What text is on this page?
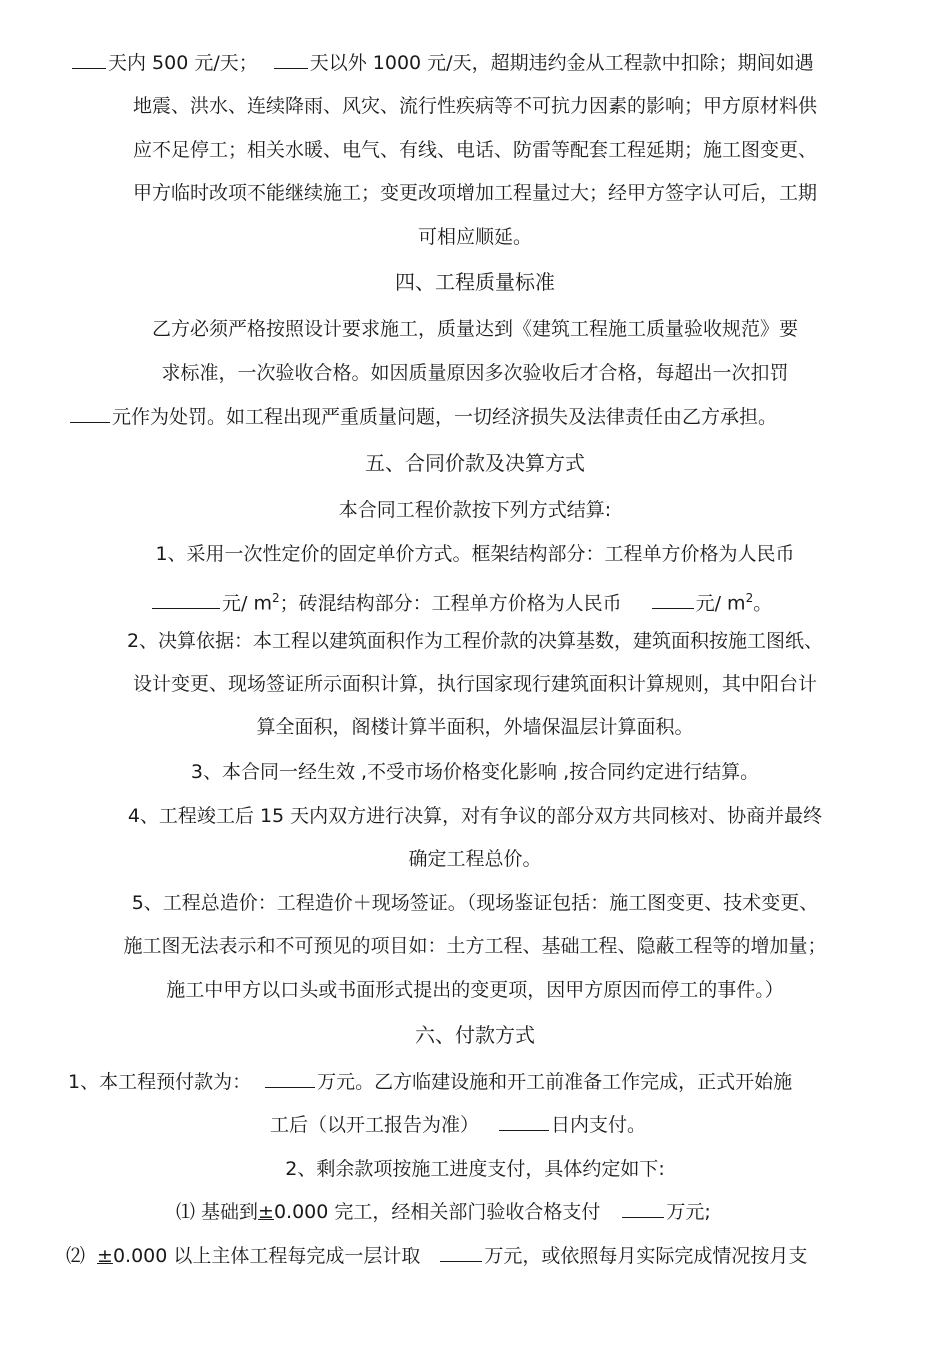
天内 500 元/天；	天以外 1000 元/天，超期违约金从工程款中扣除；期间如遇
地震、洪水、连续降雨、风灾、流行性疾病等不可抗力因素的影响；甲方原材料供
应不足停工；相关水暖、电气、有线、电话、防雷等配套工程延期；施工图变更、
甲方临时改项不能继续施工；变更改项增加工程量过大；经甲方签字认可后，工期
可相应顺延。
四、工程质量标准
乙方必须严格按照设计要求施工，质量达到《建筑工程施工质量验收规范》要
求标准，一次验收合格。如因质量原因多次验收后才合格，每超出一次扣罚
元作为处罚。如工程出现严重质量问题，一切经济损失及法律责任由乙方承担。
五、合同价款及决算方式
本合同工程价款按下列方式结算:
1、采用一次性定价的固定单价方式。框架结构部分：工程单方价格为人民币
元/ $m^2$；砖混结构部分：工程单方价格为人民币	元/ $m^2$。
2、决算依据：本工程以建筑面积作为工程价款的决算基数，建筑面积按施工图纸、
设计变更、现场签证所示面积计算，执行国家现行建筑面积计算规则，其中阳台计
算全面积，阁楼计算半面积，外墙保温层计算面积。
3、本合同一经生效 ,不受市场价格变化影响 ,按合同约定进行结算。
4、工程竣工后 15 天内双方进行决算，对有争议的部分双方共同核对、协商并最终
确定工程总价。
5、工程总造价：工程造价＋现场签证。（现场鉴证包括：施工图变更、技术变更、
施工图无法表示和不可预见的项目如：土方工程、基础工程、隐蔽工程等的增加量；
施工中甲方以口头或书面形式提出的变更项，因甲方原因而停工的事件。）
六、付款方式
1、本工程预付款为：	万元。乙方临建设施和开工前准备工作完成，正式开始施
工后（以开工报告为准）	日内支付。
2、剩余款项按施工进度支付，具体约定如下:
⑴ 基础到±0.000 完工，经相关部门验收合格支付	万元;
⑵ ±0.000 以上主体工程每完成一层计取	万元，或依照每月实际完成情况按月支
